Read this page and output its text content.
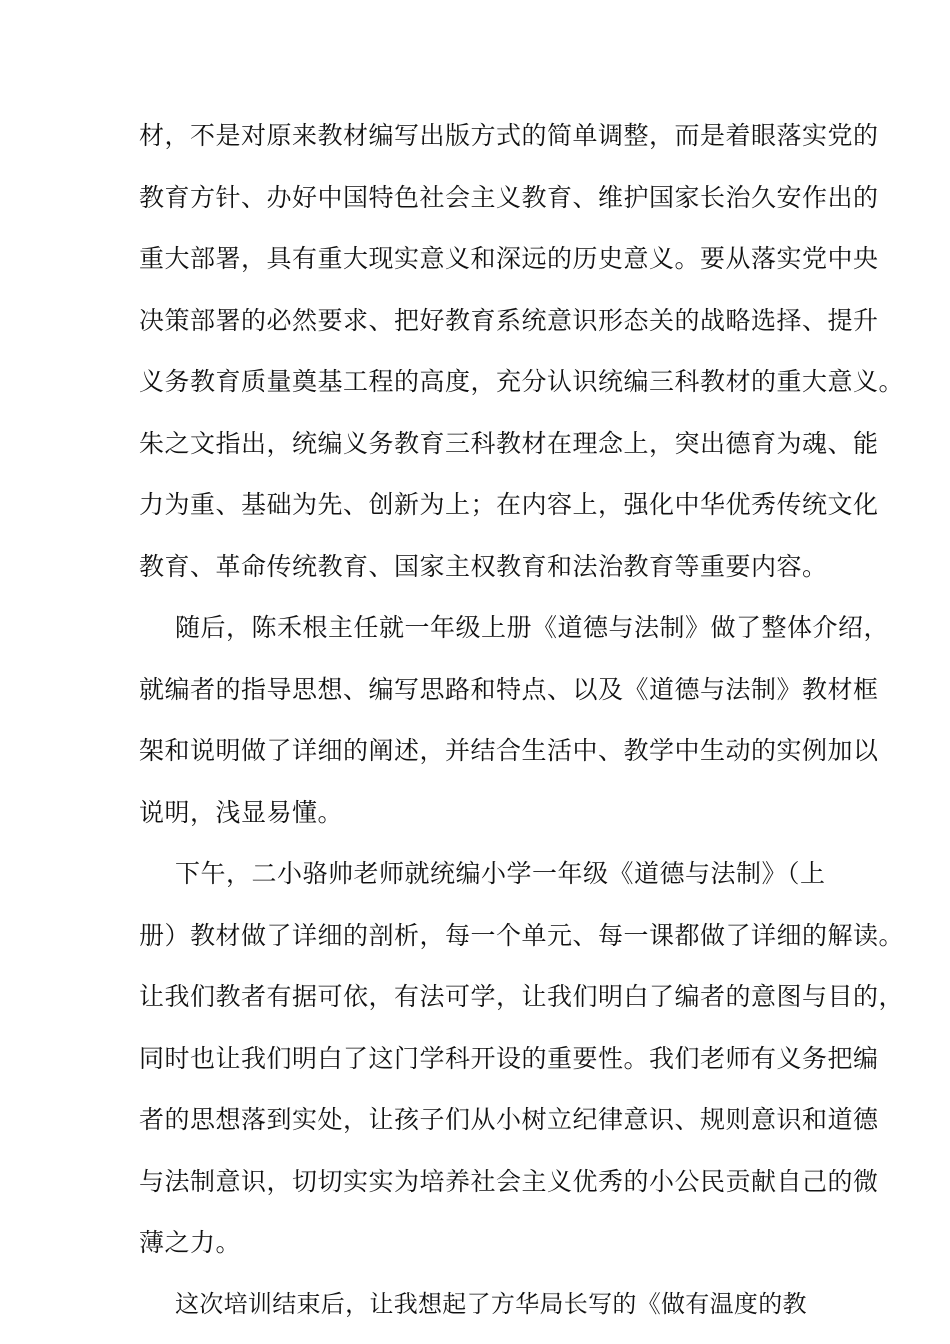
材，不是对原来教材编写出版方式的简单调整，而是着眼落实党的

教育方针、办好中国特色社会主义教育、维护国家长治久安作出的

重大部署，具有重大现实意义和深远的历史意义。要从落实党中央

决策部署的必然要求、把好教育系统意识形态关的战略选择、提升

义务教育质量奠基工程的高度，充分认识统编三科教材的重大意义。

朱之文指出，统编义务教育三科教材在理念上，突出德育为魂、能

力为重、基础为先、创新为上；在内容上，强化中华优秀传统文化

教育、革命传统教育、国家主权教育和法治教育等重要内容。

随后，陈禾根主任就一年级上册《道德与法制》做了整体介绍，

就编者的指导思想、编写思路和特点、以及《道德与法制》教材框

架和说明做了详细的阐述，并结合生活中、教学中生动的实例加以

说明，浅显易懂。

下午，二小骆帅老师就统编小学一年级《道德与法制》（上

册）教材做了详细的剖析，每一个单元、每一课都做了详细的解读。

让我们教者有据可依，有法可学，让我们明白了编者的意图与目的，

同时也让我们明白了这门学科开设的重要性。我们老师有义务把编

者的思想落到实处，让孩子们从小树立纪律意识、规则意识和道德

与法制意识，切切实实为培养社会主义优秀的小公民贡献自己的微

薄之力。

这次培训结束后，让我想起了方华局长写的《做有温度的教
